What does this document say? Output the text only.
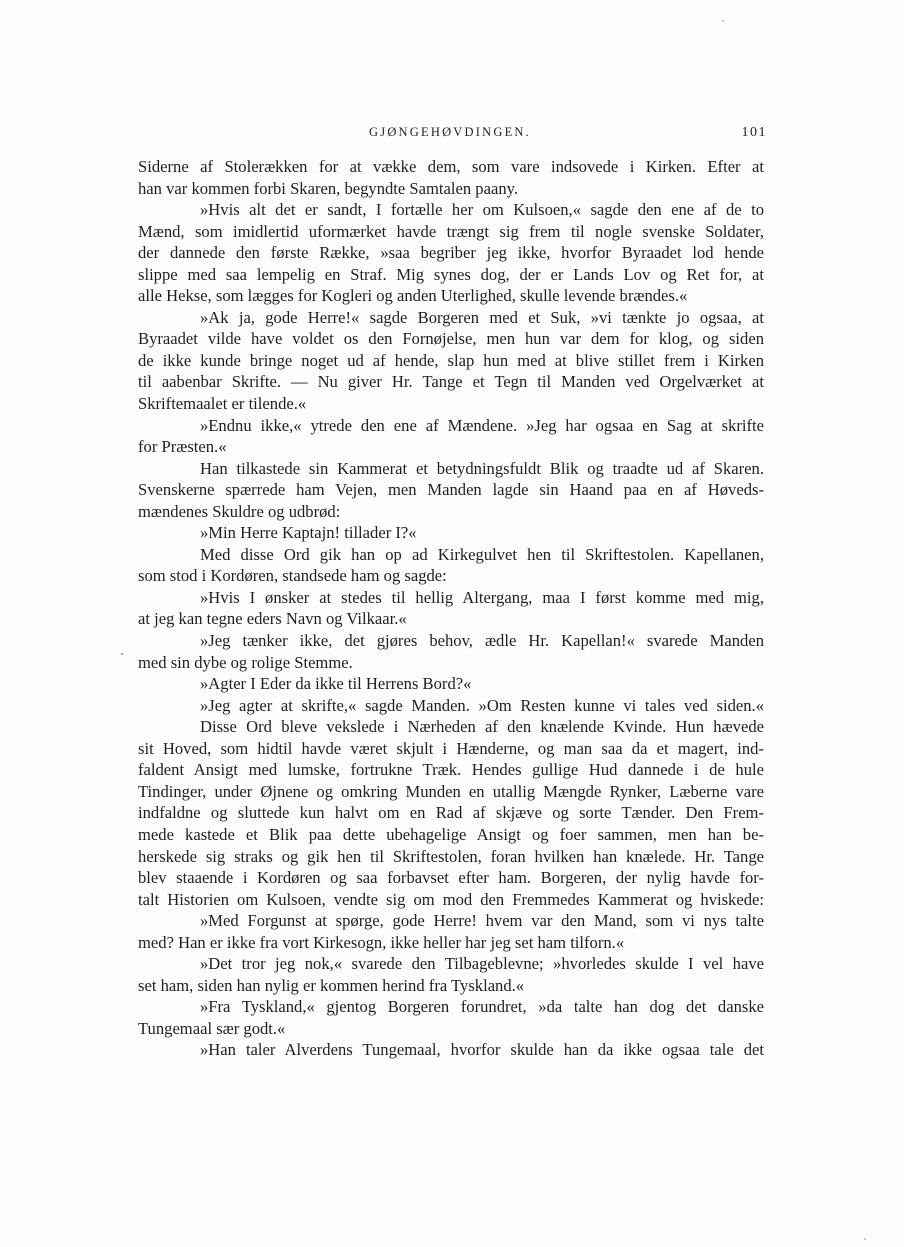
GJØNGEHØVDINGEN.	101
Siderne af Stolerækken for at vække dem, som vare indsovede i Kirken. Efter at
han var kommen forbi Skaren, begyndte Samtalen paany.
»Hvis alt det er sandt, I fortælle her om Kulsoen,« sagde den ene af de to
Mænd, som imidlertid uformærket havde trængt sig frem til nogle svenske Soldater,
der dannede den første Række, »saa begriber jeg ikke, hvorfor Byraadet lod hende
slippe med saa lempelig en Straf. Mig synes dog, der er Lands Lov og Ret for, at
alle Hekse, som lægges for Kogleri og anden Uterlighed, skulle levende brændes.«
»Ak ja, gode Herre!« sagde Borgeren med et Suk, »vi tænkte jo ogsaa, at
Byraadet vilde have voldet os den Fornøjelse, men hun var dem for klog, og siden
de ikke kunde bringe noget ud af hende, slap hun med at blive stillet frem i Kirken
til aabenbar Skrifte. — Nu giver Hr. Tange et Tegn til Manden ved Orgelværket at
Skriftemaalet er tilende.«
»Endnu ikke,« ytrede den ene af Mændene. »Jeg har ogsaa en Sag at skrifte
for Præsten.«
Han tilkastede sin Kammerat et betydningsfuldt Blik og traadte ud af Skaren.
Svenskerne spærrede ham Vejen, men Manden lagde sin Haand paa en af Høveds-
mændenes Skuldre og udbrød:
»Min Herre Kaptajn! tillader I?«
Med disse Ord gik han op ad Kirkegulvet hen til Skriftestolen. Kapellanen,
som stod i Kordøren, standsede ham og sagde:
»Hvis I ønsker at stedes til hellig Altergang, maa I først komme med mig,
at jeg kan tegne eders Navn og Vilkaar.«
»Jeg tænker ikke, det gjøres behov, ædle Hr. Kapellan!« svarede Manden
med sin dybe og rolige Stemme.
»Agter I Eder da ikke til Herrens Bord?«
»Jeg agter at skrifte,« sagde Manden. »Om Resten kunne vi tales ved siden.«
Disse Ord bleve vekslede i Nærheden af den knælende Kvinde. Hun hævede
sit Hoved, som hidtil havde været skjult i Hænderne, og man saa da et magert, ind-
faldent Ansigt med lumske, fortrukne Træk. Hendes gullige Hud dannede i de hule
Tindinger, under Øjnene og omkring Munden en utallig Mængde Rynker, Læberne vare
indfaldne og sluttede kun halvt om en Rad af skjæve og sorte Tænder. Den Frem-
mede kastede et Blik paa dette ubehagelige Ansigt og foer sammen, men han be-
herskede sig straks og gik hen til Skriftestolen, foran hvilken han knælede. Hr. Tange
blev staaende i Kordøren og saa forbavset efter ham. Borgeren, der nylig havde for-
talt Historien om Kulsoen, vendte sig om mod den Fremmedes Kammerat og hviskede:
»Med Forgunst at spørge, gode Herre! hvem var den Mand, som vi nys talte
med? Han er ikke fra vort Kirkesogn, ikke heller har jeg set ham tilforn.«
»Det tror jeg nok,« svarede den Tilbageblevne; »hvorledes skulde I vel have
set ham, siden han nylig er kommen herind fra Tyskland.«
»Fra Tyskland,« gjentog Borgeren forundret, »da talte han dog det danske
Tungemaal sær godt.«
»Han taler Alverdens Tungemaal, hvorfor skulde han da ikke ogsaa tale det
